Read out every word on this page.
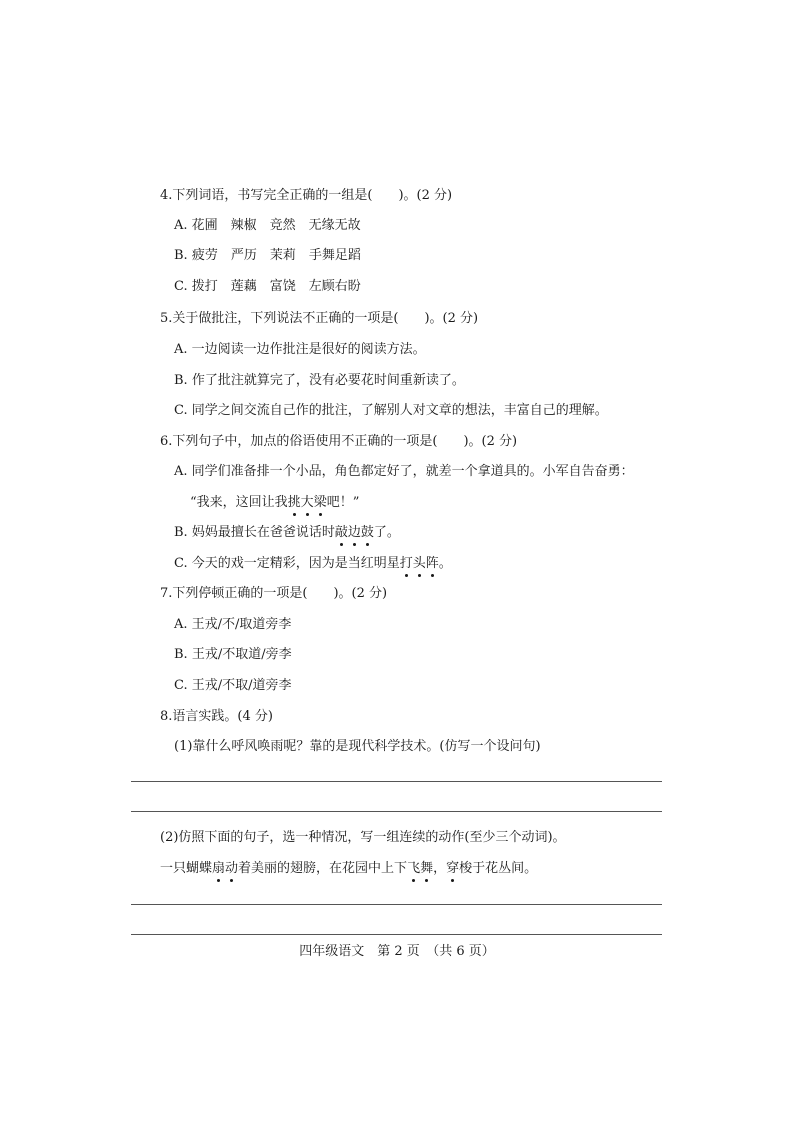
4.下列词语，书写完全正确的一组是(　　)。(2 分)
A. 花圃　辣椒　竞然　无缘无故
B. 疲劳　严历　茉莉　手舞足蹈
C. 拨打　莲藕　富饶　左顾右盼
5.关于做批注，下列说法不正确的一项是(　　)。(2 分)
A. 一边阅读一边作批注是很好的阅读方法。
B. 作了批注就算完了，没有必要花时间重新读了。
C. 同学之间交流自己作的批注，了解别人对文章的想法，丰富自己的理解。
6.下列句子中，加点的俗语使用不正确的一项是(　　)。(2 分)
A. 同学们准备排一个小品，角色都定好了，就差一个拿道具的。小军自告奋勇：
“我来，这回让我挑大梁吧！”
B. 妈妈最擅长在爸爸说话时敲边鼓了。
C. 今天的戏一定精彩，因为是当红明星打头阵。
7.下列停顿正确的一项是(　　)。(2 分)
A. 王戎/不/取道旁李
B. 王戎/不取道/旁李
C. 王戎/不取/道旁李
8.语言实践。(4 分)
(1)靠什么呼风唤雨呢？靠的是现代科学技术。(仿写一个设问句)
(2)仿照下面的句子，选一种情况，写一组连续的动作(至少三个动词)。
一只蝴蝶扇动着美丽的翅膀，在花园中上下飞舞，穿梭于花丛间。
四年级语文　第 2 页　（共 6 页）
